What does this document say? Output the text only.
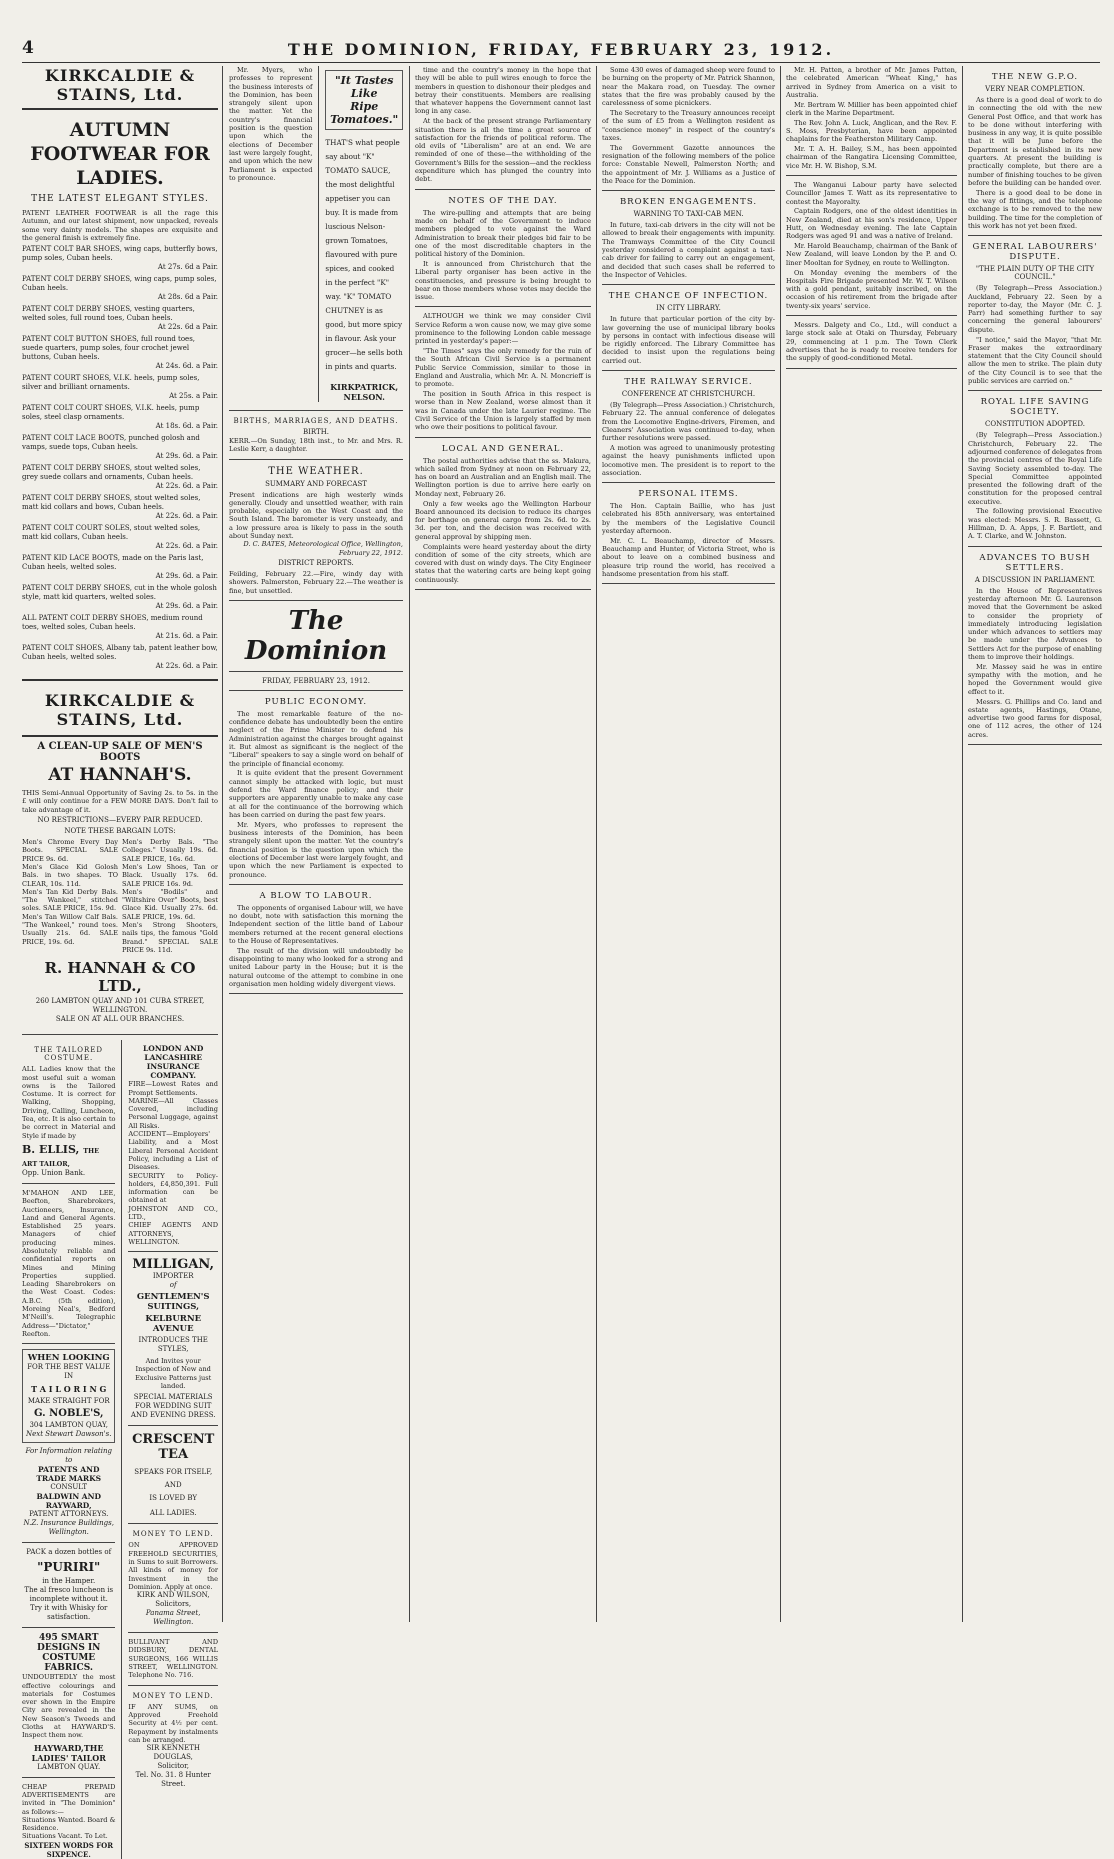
4	THE DOMINION, FRIDAY, FEBRUARY 23, 1912.
KIRKCALDIE & STAINS, Ltd.
AUTUMN FOOTWEAR FOR LADIES.
THE LATEST ELEGANT STYLES.
PATENT LEATHER FOOTWEAR is all the rage this Autumn, and our latest shipment, now unpacked, reveals some very dainty models. The shapes are exquisite and the general finish is extremely fine.
PATENT COLT BAR SHOES, wing caps, butterfly bows, pump soles, Cuban heels.
At 27s. 6d a Pair.
PATENT COLT DERBY SHOES, wing caps, pump soles, Cuban heels.
At 28s. 6d a Pair.
PATENT COLT DERBY SHOES, vesting quarters, welted soles, full round toes, Cuban heels.
At 22s. 6d a Pair.
PATENT COLT BUTTON SHOES, full round toes, suede quarters, pump soles, four crochet jewel buttons, Cuban heels.
At 24s. 6d. a Pair.
PATENT COURT SHOES, V.I.K. heels, pump soles, silver and brilliant ornaments.
At 25s. a Pair.
PATENT COLT COURT SHOES, V.I.K. heels, pump soles, steel clasp ornaments.
At 18s. 6d. a Pair.
PATENT COLT LACE BOOTS, punched golosh and vamps, suede tops, Cuban heels.
At 29s. 6d. a Pair.
PATENT COLT DERBY SHOES, stout welted soles, grey suede collars and ornaments, Cuban heels.
At 22s. 6d. a Pair.
PATENT COLT DERBY SHOES, stout welted soles, matt kid collars and bows, Cuban heels.
At 22s. 6d. a Pair.
PATENT COLT COURT SOLES, stout welted soles, matt kid collars, Cuban heels.
At 22s. 6d. a Pair.
PATENT KID LACE BOOTS, made on the Paris last, Cuban heels, welted soles.
At 29s. 6d. a Pair.
PATENT COLT DERBY SHOES, cut in the whole golosh style, matt kid quarters, welted soles.
At 29s. 6d. a Pair.
ALL PATENT COLT DERBY SHOES, medium round toes, welted soles, Cuban heels.
At 21s. 6d. a Pair.
PATENT COLT SHOES, Albany tab, patent leather bow, Cuban heels, welted soles.
At 22s. 6d. a Pair.
KIRKCALDIE & STAINS, Ltd.
A CLEAN-UP SALE OF MEN'S BOOTS
AT HANNAH'S.
THIS Semi-Annual Opportunity of Saving 2s. to 5s. in the £ will only continue for a FEW MORE DAYS. Don't fail to take advantage of it.
NO RESTRICTIONS—EVERY PAIR REDUCED.
NOTE THESE BARGAIN LOTS:
Men's Chrome Every Day Boots. SPECIAL SALE PRICE 9s. 6d.
Men's Glace Kid Golosh Bals. in two shapes. TO CLEAR, 10s. 11d.
Men's Tan Kid Derby Bals. "The Wankeel," stitched soles. SALE PRICE, 15s. 9d.
Men's Tan Willow Calf Bals. "The Wankeel," round toes. Usually 21s. 6d. SALE PRICE, 19s. 6d.
Men's Derby Bals. "The Colleges." Usually 19s. 6d. SALE PRICE, 16s. 6d.
Men's Low Shoes, Tan or Black. Usually 17s. 6d. SALE PRICE 16s. 9d.
Men's "Bodils" and "Wiltshire Over" Boots, best Glace Kid. Usually 27s. 6d. SALE PRICE, 19s. 6d.
Men's Strong Shooters, nails tips, the famous "Gold Brand." SPECIAL SALE PRICE 9s. 11d.
R. HANNAH & CO LTD.,
260 LAMBTON QUAY AND 101 CUBA STREET, WELLINGTON.
SALE ON AT ALL OUR BRANCHES.
THE TAILORED COSTUME.
ALL Ladies know that the most useful suit a woman owns is the Tailored Costume. It is correct for Walking, Shopping, Driving, Calling, Luncheon, Tea, etc. It is also certain to be correct in Material and Style if made by
B. ELLIS, THE ART TAILOR,
Opp. Union Bank.
M'MAHON AND LEE, Beefton, Sharebrokers, Auctioneers, Insurance, Land and General Agents. Established 25 years. Managers of chief producing mines. Absolutely reliable and confidential reports on Mines and Mining Properties supplied. Leading Sharebrokers on the West Coast. Codes: A.B.C. (5th edition), Moreing Neal's, Bedford M'Neill's. Telegraphic Address—"Dictator," Reefton.
WHEN LOOKING
FOR THE BEST VALUE IN
T A I L O R I N G
MAKE STRAIGHT FOR
G. NOBLE'S,
304 LAMBTON QUAY,
Next Stewart Dawson's.
For Information relating to
PATENTS AND TRADE MARKS
CONSULT
BALDWIN AND RAYWARD,
PATENT ATTORNEYS.
N.Z. Insurance Buildings, Wellington.
PACK a dozen bottles of
"PURIRI"
in the Hamper.
The al fresco luncheon is incomplete without it.
Try it with Whisky for satisfaction.
495 SMART DESIGNS IN
COSTUME FABRICS.
UNDOUBTEDLY the most effective colourings and materials for Costumes ever shown in the Empire City are revealed in the New Season's Tweeds and Cloths at HAYWARD'S. Inspect them now.
HAYWARD,THE LADIES' TAILOR
LAMBTON QUAY.
CHEAP PREPAID ADVERTISEMENTS are invited in "The Dominion" as follows:—
Situations Wanted. Board & Residence.
Situations Vacant. To Let.
SIXTEEN WORDS FOR SIXPENCE.
LONDON AND LANCASHIRE INSURANCE COMPANY.
FIRE—Lowest Rates and Prompt Settlements.
MARINE—All Classes Covered, including Personal Luggage, against All Risks.
ACCIDENT—Employers' Liability, and a Most Liberal Personal Accident Policy, including a List of Diseases.
SECURITY to Policy-holders, £4,850,391. Full information can be obtained at
JOHNSTON AND CO., LTD.,
CHIEF AGENTS AND ATTORNEYS, WELLINGTON.
MILLIGAN,
IMPORTER
of
GENTLEMEN'S SUITINGS,
KELBURNE AVENUE
INTRODUCES THE STYLES,
And Invites your Inspection of New and Exclusive Patterns just landed.
SPECIAL MATERIALS FOR WEDDING SUIT AND EVENING DRESS.
CRESCENT TEA
SPEAKS FOR ITSELF,
AND
IS LOVED BY
ALL LADIES.
MONEY TO LEND.
ON APPROVED FREEHOLD SECURITIES, in Sums to suit Borrowers. All kinds of money for Investment in the Dominion. Apply at once.
KIRK AND WILSON, Solicitors,
Panama Street, Wellington.
BULLIVANT AND DIDSBURY, DENTAL SURGEONS, 166 WILLIS STREET, WELLINGTON. Telephone No. 716.
MONEY TO LEND.
IF ANY SUMS, on Approved Freehold Security at 4½ per cent. Repayment by instalments can be arranged.
SIR KENNETH DOUGLAS,
Solicitor,
Tel. No. 31. 8 Hunter Street.

Mr. Myers, who professes to represent the business interests of the Dominion, has been strangely silent upon the matter. Yet the country's financial position is the question upon which the elections of December last were largely fought, and upon which the new Parliament is expected to pronounce.

"It Tastes Like
Ripe Tomatoes."
THAT'S what people say about "K" TOMATO SAUCE, the most delightful appetiser you can buy. It is made from luscious Nelson-grown Tomatoes, flavoured with pure spices, and cooked in the perfect "K" way. "K" TOMATO CHUTNEY is as good, but more spicy in flavour. Ask your grocer—he sells both in pints and quarts.
KIRKPATRICK, NELSON.
BIRTHS, MARRIAGES, AND DEATHS.
BIRTH.
KERR.—On Sunday, 18th inst., to Mr. and Mrs. R. Leslie Kerr, a daughter.
THE WEATHER.
SUMMARY AND FORECAST
Present indications are high westerly winds generally. Cloudy and unsettled weather, with rain probable, especially on the West Coast and the South Island. The barometer is very unsteady, and a low pressure area is likely to pass in the south about Sunday next.
D. C. BATES, Meteorological Office, Wellington, February 22, 1912.
DISTRICT REPORTS.
Feilding, February 22.—Fire, windy day with showers. Palmerston, February 22.—The weather is fine, but unsettled.
The Dominion
FRIDAY, FEBRUARY 23, 1912.
PUBLIC ECONOMY.

The most remarkable feature of the no-confidence debate has undoubtedly been the entire neglect of the Prime Minister to defend his Administration against the charges brought against it. But almost as significant is the neglect of the "Liberal" speakers to say a single word on behalf of the principle of financial economy.

It is quite evident that the present Government cannot simply be attacked with logic, but must defend the Ward finance policy; and their supporters are apparently unable to make any case at all for the continuance of the borrowing which has been carried on during the past few years.

Mr. Myers, who professes to represent the business interests of the Dominion, has been strangely silent upon the matter. Yet the country's financial position is the question upon which the elections of December last were largely fought, and upon which the new Parliament is expected to pronounce.

A BLOW TO LABOUR.

The opponents of organised Labour will, we have no doubt, note with satisfaction this morning the Independent section of the little band of Labour members returned at the recent general elections to the House of Representatives.

The result of the division will undoubtedly be disappointing to many who looked for a strong and united Labour party in the House; but it is the natural outcome of the attempt to combine in one organisation men holding widely divergent views.

time and the country's money in the hope that they will be able to pull wires enough to force the members in question to dishonour their pledges and betray their constituents. Members are realising that whatever happens the Government cannot last long in any case.

At the back of the present strange Parliamentary situation there is all the time a great source of satisfaction for the friends of political reform. The old evils of "Liberalism" are at an end. We are reminded of one of these—the withholding of the Government's Bills for the session—and the reckless expenditure which has plunged the country into debt.

NOTES OF THE DAY.

The wire-pulling and attempts that are being made on behalf of the Government to induce members pledged to vote against the Ward Administration to break their pledges bid fair to be one of the most discreditable chapters in the political history of the Dominion.

It is announced from Christchurch that the Liberal party organiser has been active in the constituencies, and pressure is being brought to bear on those members whose votes may decide the issue.

ALTHOUGH we think we may consider Civil Service Reform a won cause now, we may give some prominence to the following London cable message printed in yesterday's paper:—

"The Times" says the only remedy for the ruin of the South African Civil Service is a permanent Public Service Commission, similar to those in England and Australia, which Mr. A. N. Moncrieff is to promote.

The position in South Africa in this respect is worse than in New Zealand, worse almost than it was in Canada under the late Laurier regime. The Civil Service of the Union is largely staffed by men who owe their positions to political favour.

LOCAL AND GENERAL.

The postal authorities advise that the ss. Makura, which sailed from Sydney at noon on February 22, has on board an Australian and an English mail. The Wellington portion is due to arrive here early on Monday next, February 26.

Only a few weeks ago the Wellington Harbour Board announced its decision to reduce its charges for berthage on general cargo from 2s. 6d. to 2s. 3d. per ton, and the decision was received with general approval by shipping men.

Complaints were heard yesterday about the dirty condition of some of the city streets, which are covered with dust on windy days. The City Engineer states that the watering carts are being kept going continuously.

Some 430 ewes of damaged sheep were found to be burning on the property of Mr. Patrick Shannon, near the Makara road, on Tuesday. The owner states that the fire was probably caused by the carelessness of some picnickers.

The Secretary to the Treasury announces receipt of the sum of £5 from a Wellington resident as "conscience money" in respect of the country's taxes.

The Government Gazette announces the resignation of the following members of the police force: Constable Newell, Palmerston North; and the appointment of Mr. J. Williams as a Justice of the Peace for the Dominion.

BROKEN ENGAGEMENTS.
WARNING TO TAXI-CAB MEN.

In future, taxi-cab drivers in the city will not be allowed to break their engagements with impunity. The Tramways Committee of the City Council yesterday considered a complaint against a taxi-cab driver for failing to carry out an engagement, and decided that such cases shall be referred to the Inspector of Vehicles.

THE CHANCE OF INFECTION.
IN CITY LIBRARY.

In future that particular portion of the city by-law governing the use of municipal library books by persons in contact with infectious disease will be rigidly enforced. The Library Committee has decided to insist upon the regulations being carried out.

THE RAILWAY SERVICE.
CONFERENCE AT CHRISTCHURCH.

(By Telegraph—Press Association.) Christchurch, February 22. The annual conference of delegates from the Locomotive Engine-drivers, Firemen, and Cleaners' Association was continued to-day, when further resolutions were passed.

A motion was agreed to unanimously protesting against the heavy punishments inflicted upon locomotive men. The president is to report to the association.

PERSONAL ITEMS.

The Hon. Captain Baillie, who has just celebrated his 85th anniversary, was entertained by the members of the Legislative Council yesterday afternoon.

Mr. C. L. Beauchamp, director of Messrs. Beauchamp and Hunter, of Victoria Street, who is about to leave on a combined business and pleasure trip round the world, has received a handsome presentation from his staff.

Mr. H. Patten, a brother of Mr. James Patten, the celebrated American "Wheat King," has arrived in Sydney from America on a visit to Australia.

Mr. Bertram W. Millier has been appointed chief clerk in the Marine Department.

The Rev. John A. Luck, Anglican, and the Rev. F. S. Moss, Presbyterian, have been appointed chaplains for the Featherston Military Camp.

Mr. T. A. H. Bailey, S.M., has been appointed chairman of the Rangatira Licensing Committee, vice Mr. H. W. Bishop, S.M.

The Wanganui Labour party have selected Councillor James T. Watt as its representative to contest the Mayoralty.

Captain Rodgers, one of the oldest identities in New Zealand, died at his son's residence, Upper Hutt, on Wednesday evening. The late Captain Rodgers was aged 91 and was a native of Ireland.

Mr. Harold Beauchamp, chairman of the Bank of New Zealand, will leave London by the P. and O. liner Mooltan for Sydney, en route to Wellington.

On Monday evening the members of the Hospitals Fire Brigade presented Mr. W. T. Wilson with a gold pendant, suitably inscribed, on the occasion of his retirement from the brigade after twenty-six years' service.

Messrs. Dalgety and Co., Ltd., will conduct a large stock sale at Otaki on Thursday, February 29, commencing at 1 p.m. The Town Clerk advertises that he is ready to receive tenders for the supply of good-conditioned Metal.

THE NEW G.P.O.
VERY NEAR COMPLETION.

As there is a good deal of work to do in connecting the old with the new General Post Office, and that work has to be done without interfering with business in any way, it is quite possible that it will be June before the Department is established in its new quarters. At present the building is practically complete, but there are a number of finishing touches to be given before the building can be handed over.

There is a good deal to be done in the way of fittings, and the telephone exchange is to be removed to the new building. The time for the completion of this work has not yet been fixed.

GENERAL LABOURERS' DISPUTE.
"THE PLAIN DUTY OF THE CITY COUNCIL."

(By Telegraph—Press Association.) Auckland, February 22. Seen by a reporter to-day, the Mayor (Mr. C. J. Parr) had something further to say concerning the general labourers' dispute.

"I notice," said the Mayor, "that Mr. Fraser makes the extraordinary statement that the City Council should allow the men to strike. The plain duty of the City Council is to see that the public services are carried on."

ROYAL LIFE SAVING SOCIETY.
CONSTITUTION ADOPTED.

(By Telegraph—Press Association.) Christchurch, February 22. The adjourned conference of delegates from the provincial centres of the Royal Life Saving Society assembled to-day. The Special Committee appointed presented the following draft of the constitution for the proposed central executive.

The following provisional Executive was elected: Messrs. S. R. Bassett, G. Hillman, D. A. Apps, J. F. Bartlett, and A. T. Clarke, and W. Johnston.

ADVANCES TO BUSH SETTLERS.
A DISCUSSION IN PARLIAMENT.

In the House of Representatives yesterday afternoon Mr. G. Laurenson moved that the Government be asked to consider the propriety of immediately introducing legislation under which advances to settlers may be made under the Advances to Settlers Act for the purpose of enabling them to improve their holdings.

Mr. Massey said he was in entire sympathy with the motion, and he hoped the Government would give effect to it.

Messrs. G. Phillips and Co. land and estate agents, Hastings, Otane, advertise two good farms for disposal, one of 112 acres, the other of 124 acres.
